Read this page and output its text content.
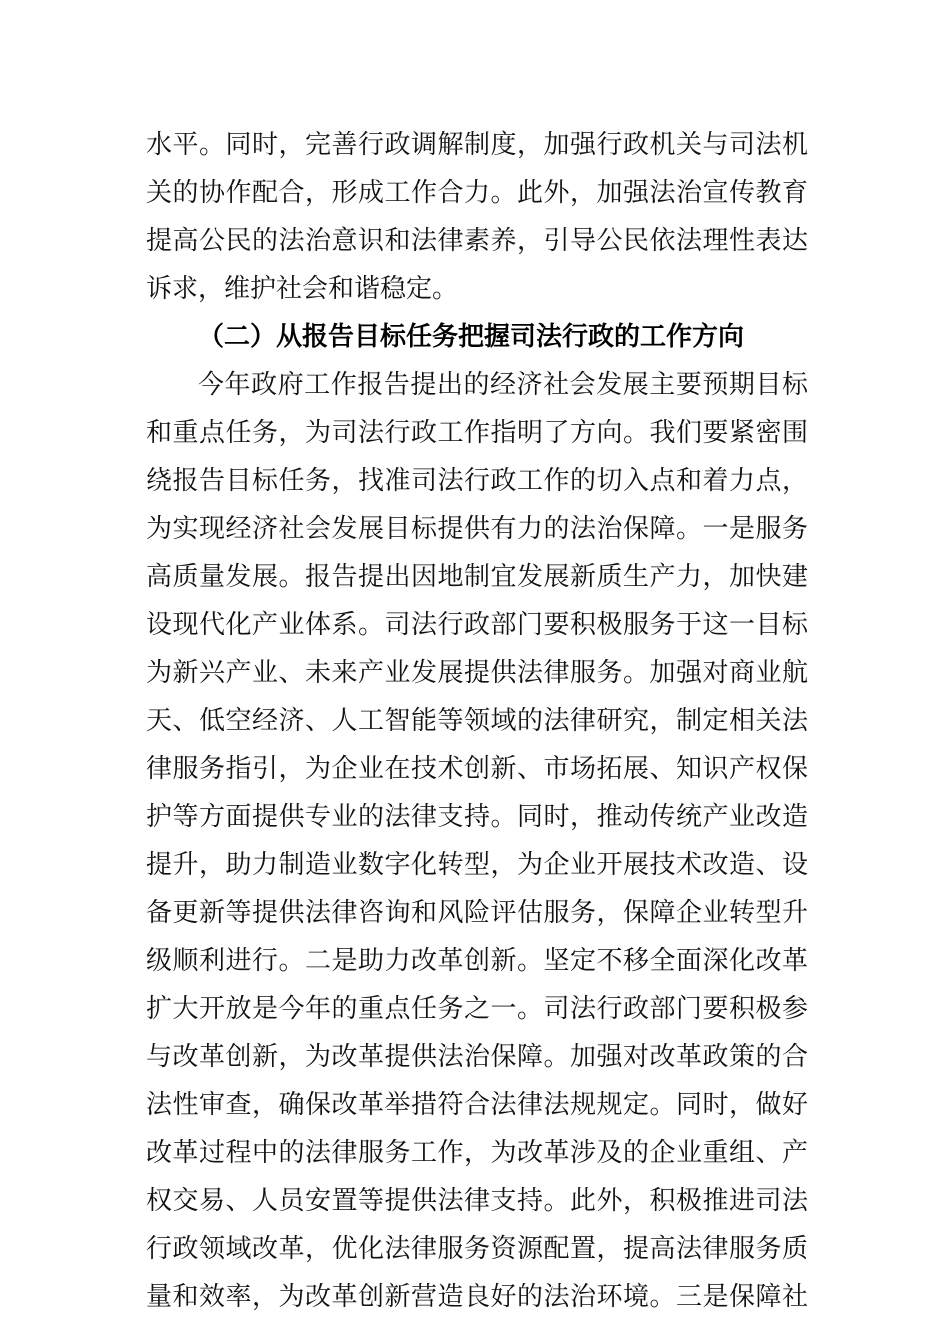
水平。同时，完善行政调解制度，加强行政机关与司法机
关的协作配合，形成工作合力。此外，加强法治宣传教育
提高公民的法治意识和法律素养，引导公民依法理性表达
诉求，维护社会和谐稳定。
（二）从报告目标任务把握司法行政的工作方向
今年政府工作报告提出的经济社会发展主要预期目标
和重点任务，为司法行政工作指明了方向。我们要紧密围
绕报告目标任务，找准司法行政工作的切入点和着力点，
为实现经济社会发展目标提供有力的法治保障。一是服务
高质量发展。报告提出因地制宜发展新质生产力，加快建
设现代化产业体系。司法行政部门要积极服务于这一目标
为新兴产业、未来产业发展提供法律服务。加强对商业航
天、低空经济、人工智能等领域的法律研究，制定相关法
律服务指引，为企业在技术创新、市场拓展、知识产权保
护等方面提供专业的法律支持。同时，推动传统产业改造
提升，助力制造业数字化转型，为企业开展技术改造、设
备更新等提供法律咨询和风险评估服务，保障企业转型升
级顺利进行。二是助力改革创新。坚定不移全面深化改革
扩大开放是今年的重点任务之一。司法行政部门要积极参
与改革创新，为改革提供法治保障。加强对改革政策的合
法性审查，确保改革举措符合法律法规规定。同时，做好
改革过程中的法律服务工作，为改革涉及的企业重组、产
权交易、人员安置等提供法律支持。此外，积极推进司法
行政领域改革，优化法律服务资源配置，提高法律服务质
量和效率，为改革创新营造良好的法治环境。三是保障社
